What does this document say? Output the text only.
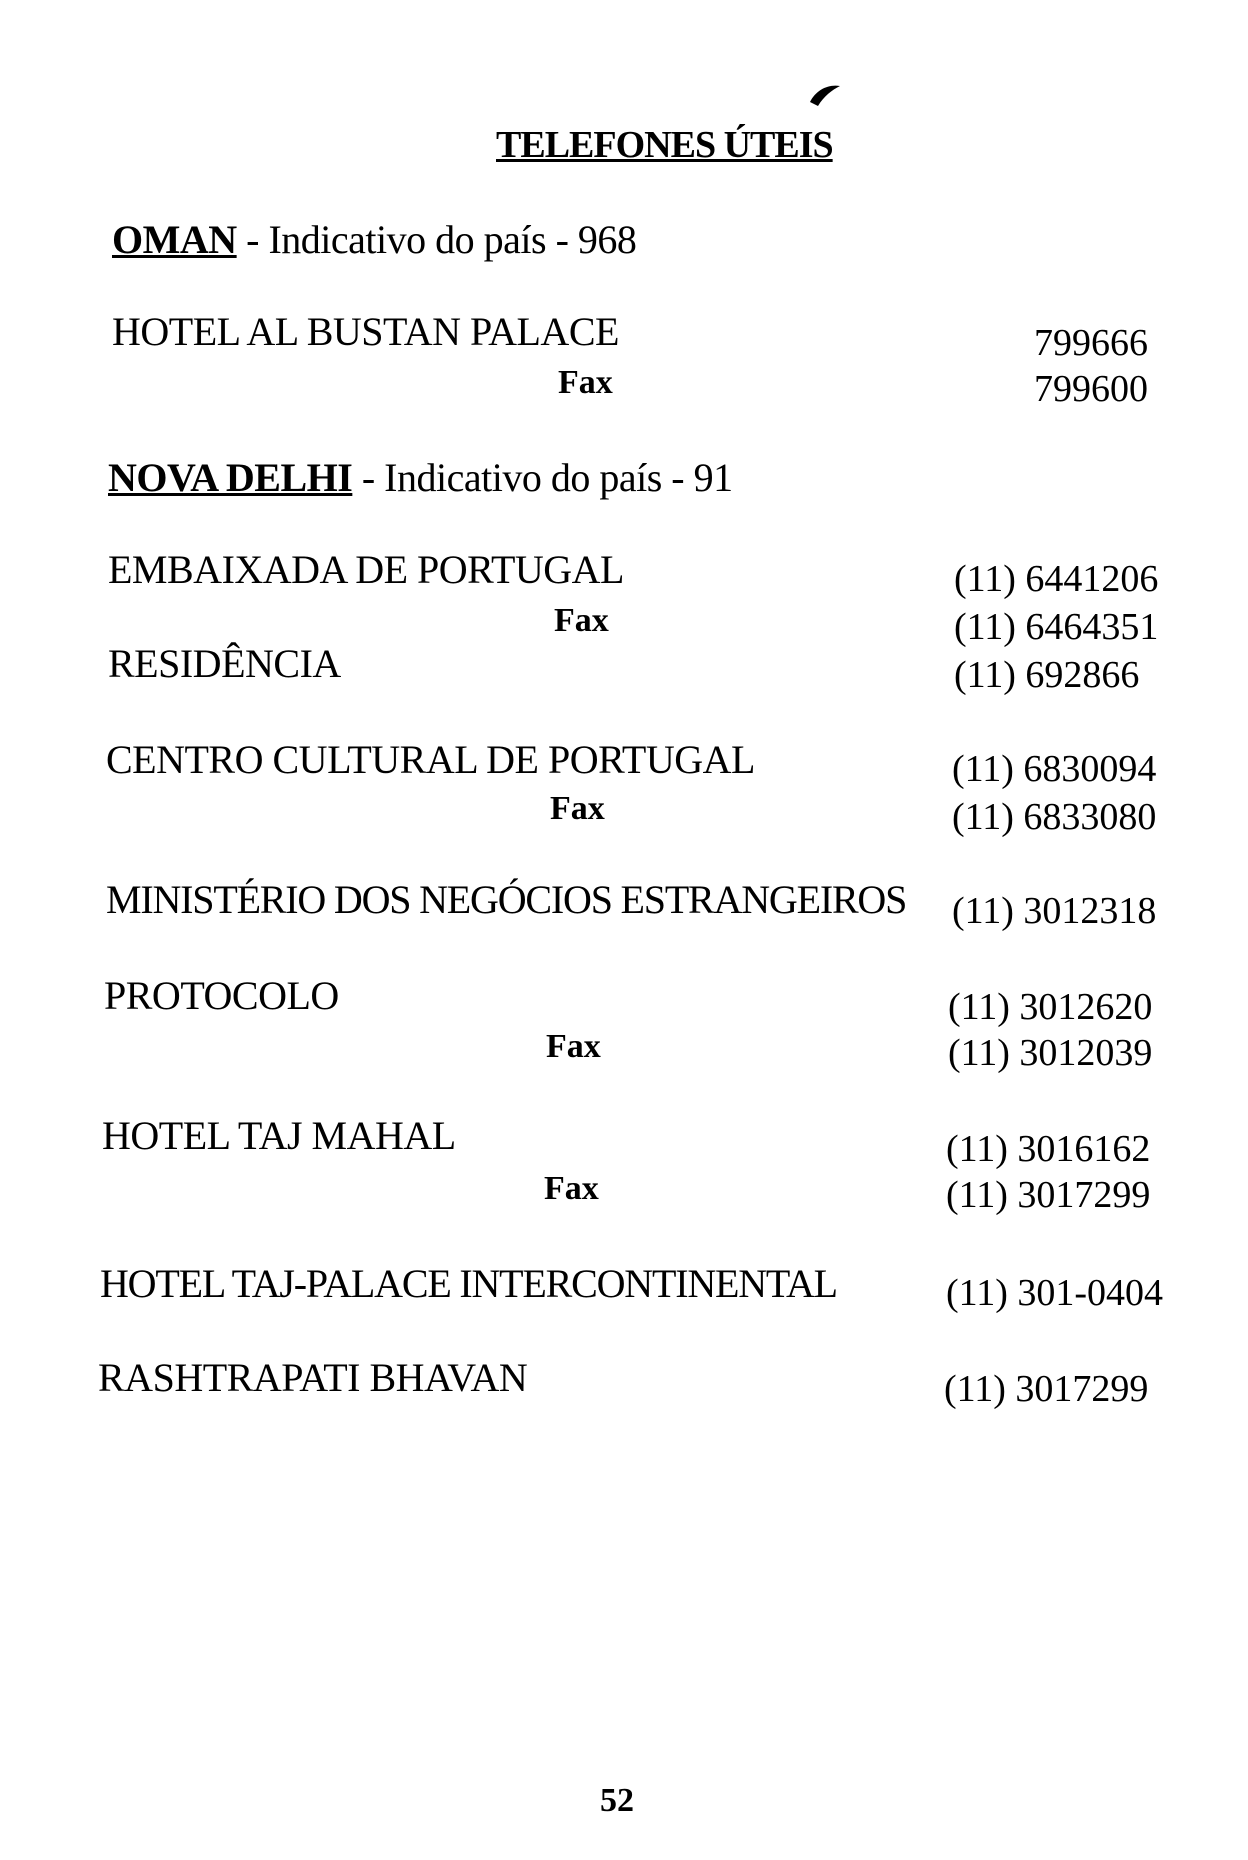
TELEFONES ÚTEIS
OMAN - Indicativo do país - 968
HOTEL AL BUSTAN PALACE	799666
Fax	799600
NOVA DELHI - Indicativo do país - 91
EMBAIXADA DE PORTUGAL	(11) 6441206
Fax	(11) 6464351
RESIDÊNCIA	(11) 692866
CENTRO CULTURAL DE PORTUGAL	(11) 6830094
Fax	(11) 6833080
MINISTÉRIO DOS NEGÓCIOS ESTRANGEIROS (11) 3012318
PROTOCOLO	(11) 3012620
Fax	(11) 3012039
HOTEL TAJ MAHAL	(11) 3016162
Fax	(11) 3017299
HOTEL TAJ-PALACE INTERCONTINENTAL	(11) 301-0404
RASHTRAPATI BHAVAN	(11) 3017299
52
